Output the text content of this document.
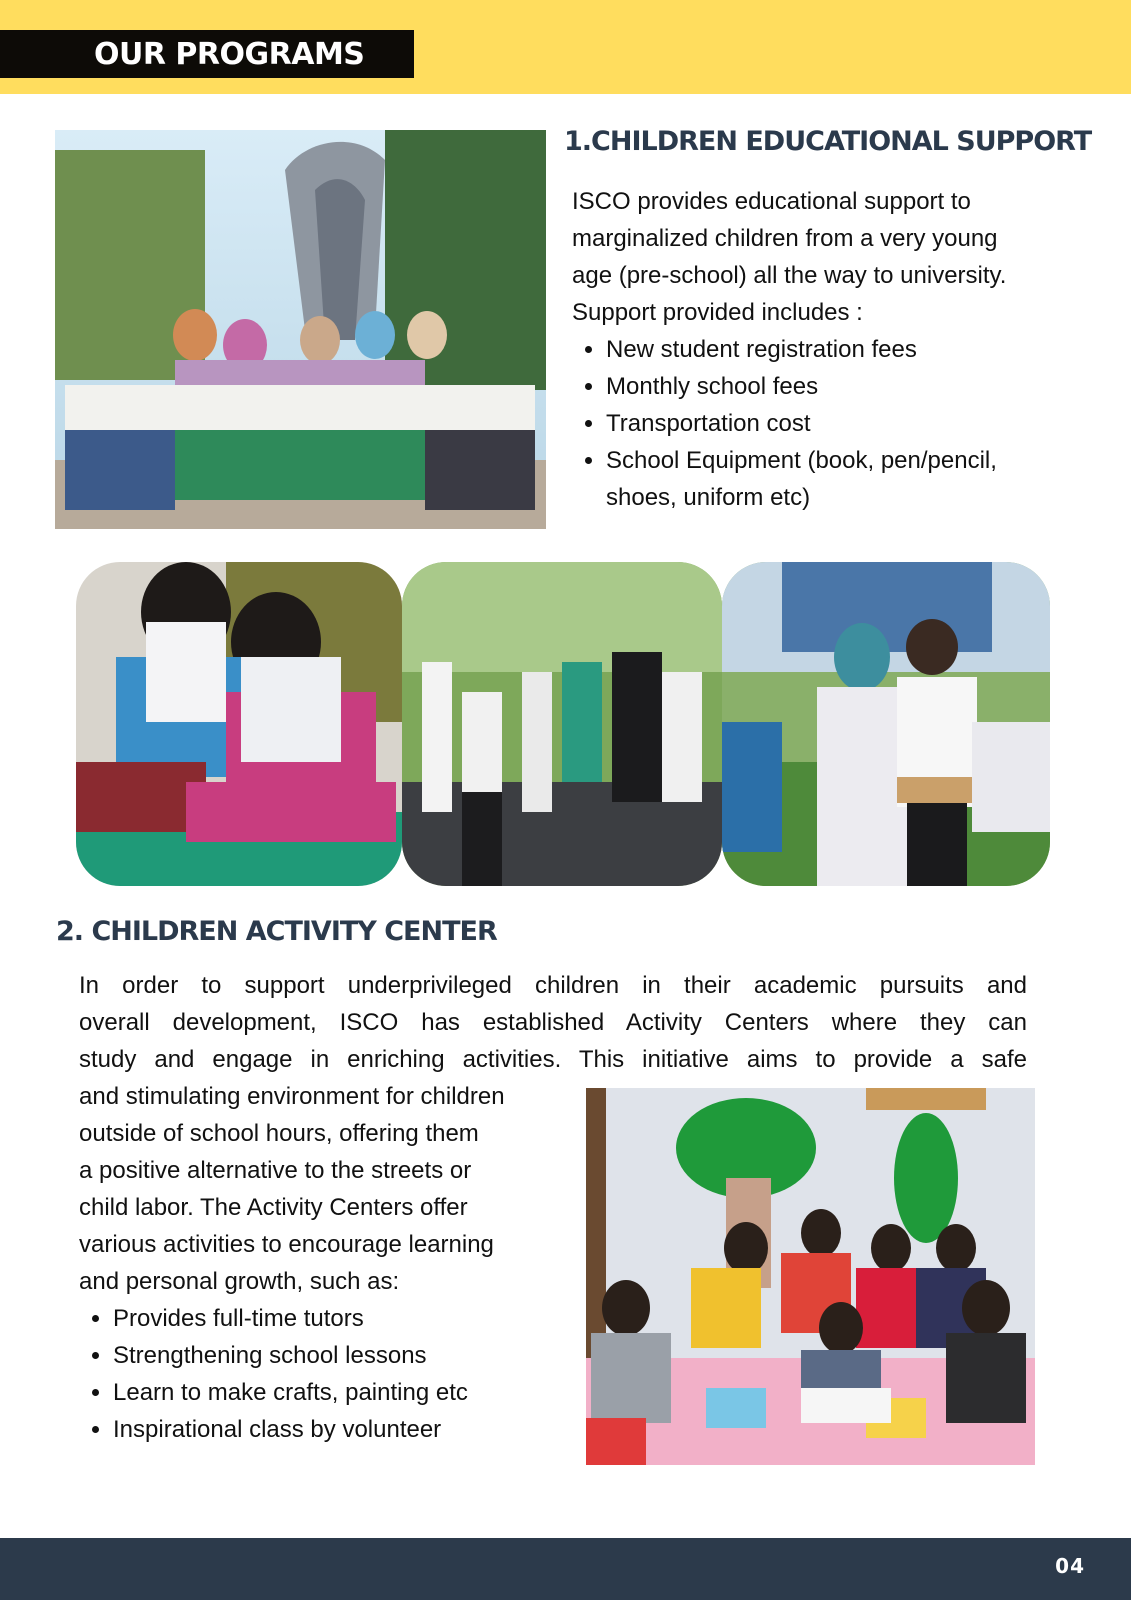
OUR PROGRAMS
1.CHILDREN EDUCATIONAL SUPPORT

ISCO provides educational support to

marginalized children from a very young

age (pre-school) all the way to university.

Support provided includes :

• New student registration fees
• Monthly school fees
• Transportation cost
• School Equipment (book, pen/pencil, shoes, uniform etc)
2. CHILDREN ACTIVITY CENTER

In order to support underprivileged children in their academic pursuits and

overall development, ISCO has established Activity Centers where they can

study and engage in enriching activities. This initiative aims to provide a safe

and stimulating environment for children

outside of school hours, offering them

a positive alternative to the streets or

child labor. The Activity Centers offer

various activities to encourage learning

and personal growth, such as:

• Provides full-time tutors
• Strengthening school lessons
• Learn to make crafts, painting etc
• Inspirational class by volunteer
04
